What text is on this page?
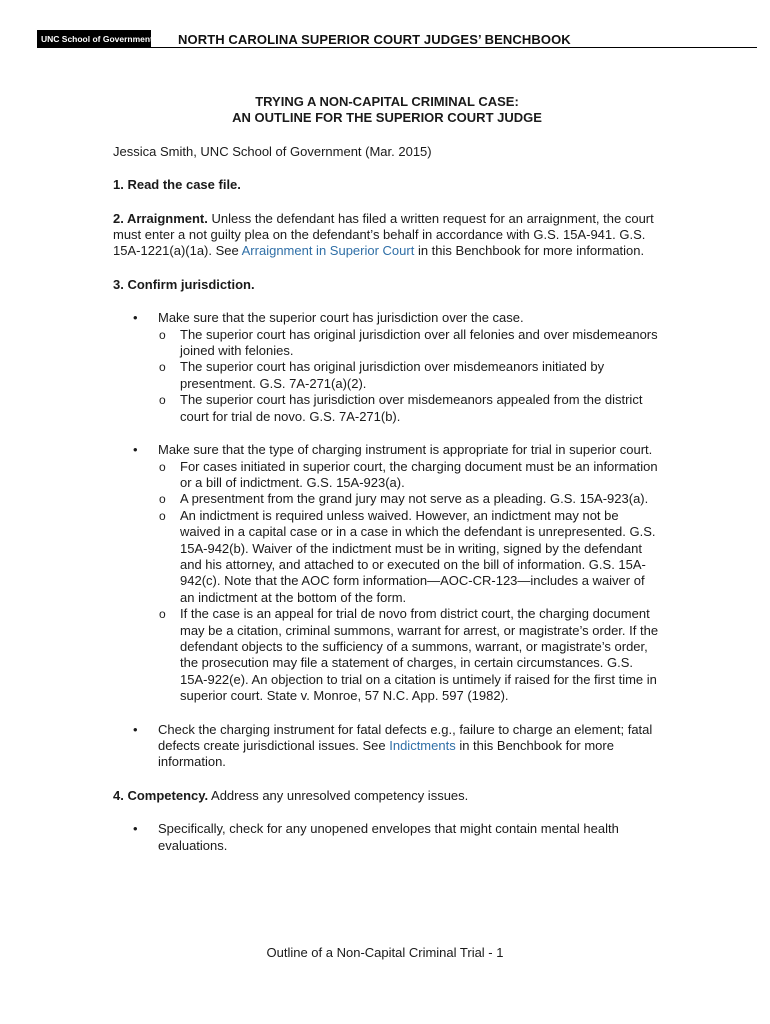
UNC School of Government NORTH CAROLINA SUPERIOR COURT JUDGES’ BENCHBOOK
TRYING A NON-CAPITAL CRIMINAL CASE:
AN OUTLINE FOR THE SUPERIOR COURT JUDGE
Jessica Smith, UNC School of Government (Mar. 2015)
1. Read the case file.
2. Arraignment. Unless the defendant has filed a written request for an arraignment, the court must enter a not guilty plea on the defendant’s behalf in accordance with G.S. 15A-941. G.S. 15A-1221(a)(1a). See Arraignment in Superior Court in this Benchbook for more information.
3. Confirm jurisdiction.
• Make sure that the superior court has jurisdiction over the case.
o The superior court has original jurisdiction over all felonies and over misdemeanors joined with felonies.
o The superior court has original jurisdiction over misdemeanors initiated by presentment. G.S. 7A-271(a)(2).
o The superior court has jurisdiction over misdemeanors appealed from the district court for trial de novo. G.S. 7A-271(b).
• Make sure that the type of charging instrument is appropriate for trial in superior court.
o For cases initiated in superior court, the charging document must be an information or a bill of indictment. G.S. 15A-923(a).
o A presentment from the grand jury may not serve as a pleading. G.S. 15A-923(a).
o An indictment is required unless waived. However, an indictment may not be waived in a capital case or in a case in which the defendant is unrepresented. G.S. 15A-942(b). Waiver of the indictment must be in writing, signed by the defendant and his attorney, and attached to or executed on the bill of information. G.S. 15A-942(c). Note that the AOC form information—AOC-CR-123—includes a waiver of an indictment at the bottom of the form.
o If the case is an appeal for trial de novo from district court, the charging document may be a citation, criminal summons, warrant for arrest, or magistrate’s order. If the defendant objects to the sufficiency of a summons, warrant, or magistrate’s order, the prosecution may file a statement of charges, in certain circumstances. G.S. 15A-922(e). An objection to trial on a citation is untimely if raised for the first time in superior court. State v. Monroe, 57 N.C. App. 597 (1982).
• Check the charging instrument for fatal defects e.g., failure to charge an element; fatal defects create jurisdictional issues. See Indictments in this Benchbook for more information.
4. Competency. Address any unresolved competency issues.
• Specifically, check for any unopened envelopes that might contain mental health evaluations.
Outline of a Non-Capital Criminal Trial - 1
